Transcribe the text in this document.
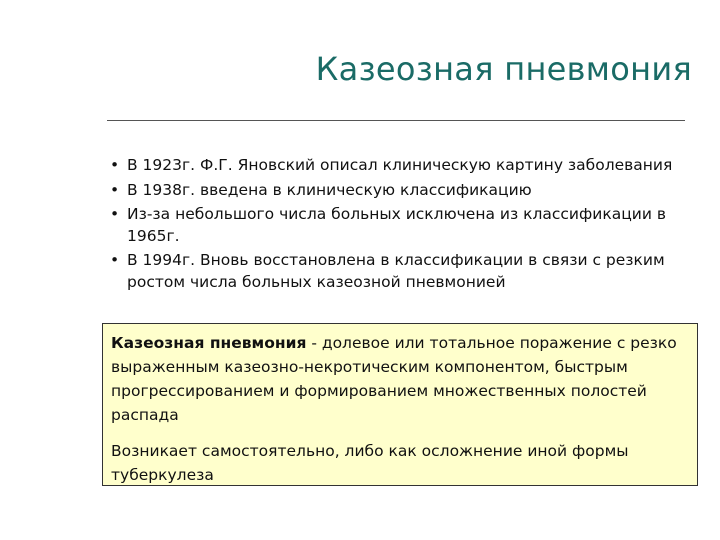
Казеозная пневмония
• В 1923г. Ф.Г. Яновский описал клиническую картину заболевания
• В 1938г. введена в клиническую классификацию
• Из-за небольшого числа больных исключена из классификации в 1965г.
• В 1994г. Вновь восстановлена в классификации в связи с резким ростом числа больных казеозной пневмонией

Казеозная пневмония - долевое или тотальное поражение с резко выраженным казеозно-некротическим компонентом, быстрым прогрессированием и формированием множественных полостей распада

Возникает самостоятельно, либо как осложнение иной формы туберкулеза
